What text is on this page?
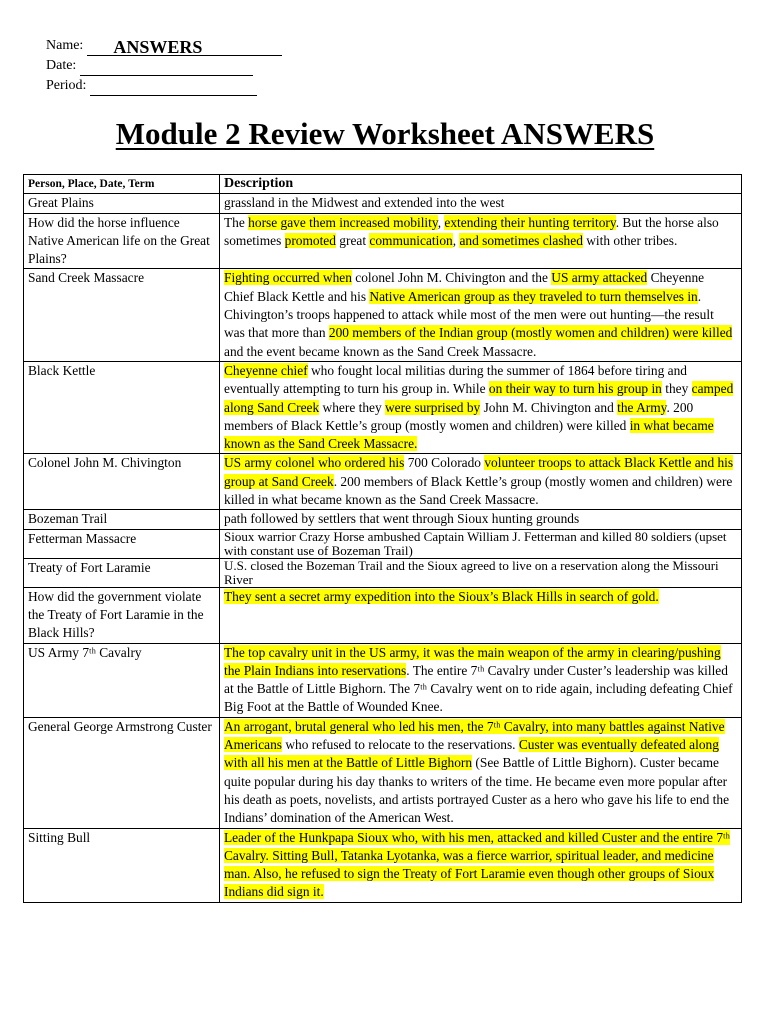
Name: ANSWERS
Date:
Period:
Module 2 Review Worksheet ANSWERS
Person, Place, Date, Term	Description
Great Plains	grassland in the Midwest and extended into the west
How did the horse influence Native American life on the Great Plains?	The horse gave them increased mobility, extending their hunting territory. But the horse also sometimes promoted great communication, and sometimes clashed with other tribes.
Sand Creek Massacre	Fighting occurred when colonel John M. Chivington and the US army attacked Cheyenne Chief Black Kettle and his Native American group as they traveled to turn themselves in. Chivington’s troops happened to attack while most of the men were out hunting—the result was that more than 200 members of the Indian group (mostly women and children) were killed and the event became known as the Sand Creek Massacre.
Black Kettle	Cheyenne chief who fought local militias during the summer of 1864 before tiring and eventually attempting to turn his group in. While on their way to turn his group in they camped along Sand Creek where they were surprised by John M. Chivington and the Army. 200 members of Black Kettle’s group (mostly women and children) were killed in what became known as the Sand Creek Massacre.
Colonel John M. Chivington	US army colonel who ordered his 700 Colorado volunteer troops to attack Black Kettle and his group at Sand Creek. 200 members of Black Kettle’s group (mostly women and children) were killed in what became known as the Sand Creek Massacre.
Bozeman Trail	path followed by settlers that went through Sioux hunting grounds
Fetterman Massacre	Sioux warrior Crazy Horse ambushed Captain William J. Fetterman and killed 80 soldiers (upset with constant use of Bozeman Trail)
Treaty of Fort Laramie	U.S. closed the Bozeman Trail and the Sioux agreed to live on a reservation along the Missouri River
How did the government violate the Treaty of Fort Laramie in the Black Hills?	They sent a secret army expedition into the Sioux’s Black Hills in search of gold.
US Army 7ᵗʰ Cavalry	The top cavalry unit in the US army, it was the main weapon of the army in clearing/pushing the Plain Indians into reservations. The entire 7ᵗʰ Cavalry under Custer’s leadership was killed at the Battle of Little Bighorn. The 7ᵗʰ Cavalry went on to ride again, including defeating Chief Big Foot at the Battle of Wounded Knee.
General George Armstrong Custer	An arrogant, brutal general who led his men, the 7ᵗʰ Cavalry, into many battles against Native Americans who refused to relocate to the reservations. Custer was eventually defeated along with all his men at the Battle of Little Bighorn (See Battle of Little Bighorn). Custer became quite popular during his day thanks to writers of the time. He became even more popular after his death as poets, novelists, and artists portrayed Custer as a hero who gave his life to end the Indians’ domination of the American West.
Sitting Bull	Leader of the Hunkpapa Sioux who, with his men, attacked and killed Custer and the entire 7ᵗʰ Cavalry. Sitting Bull, Tatanka Lyotanka, was a fierce warrior, spiritual leader, and medicine man. Also, he refused to sign the Treaty of Fort Laramie even though other groups of Sioux Indians did sign it.
